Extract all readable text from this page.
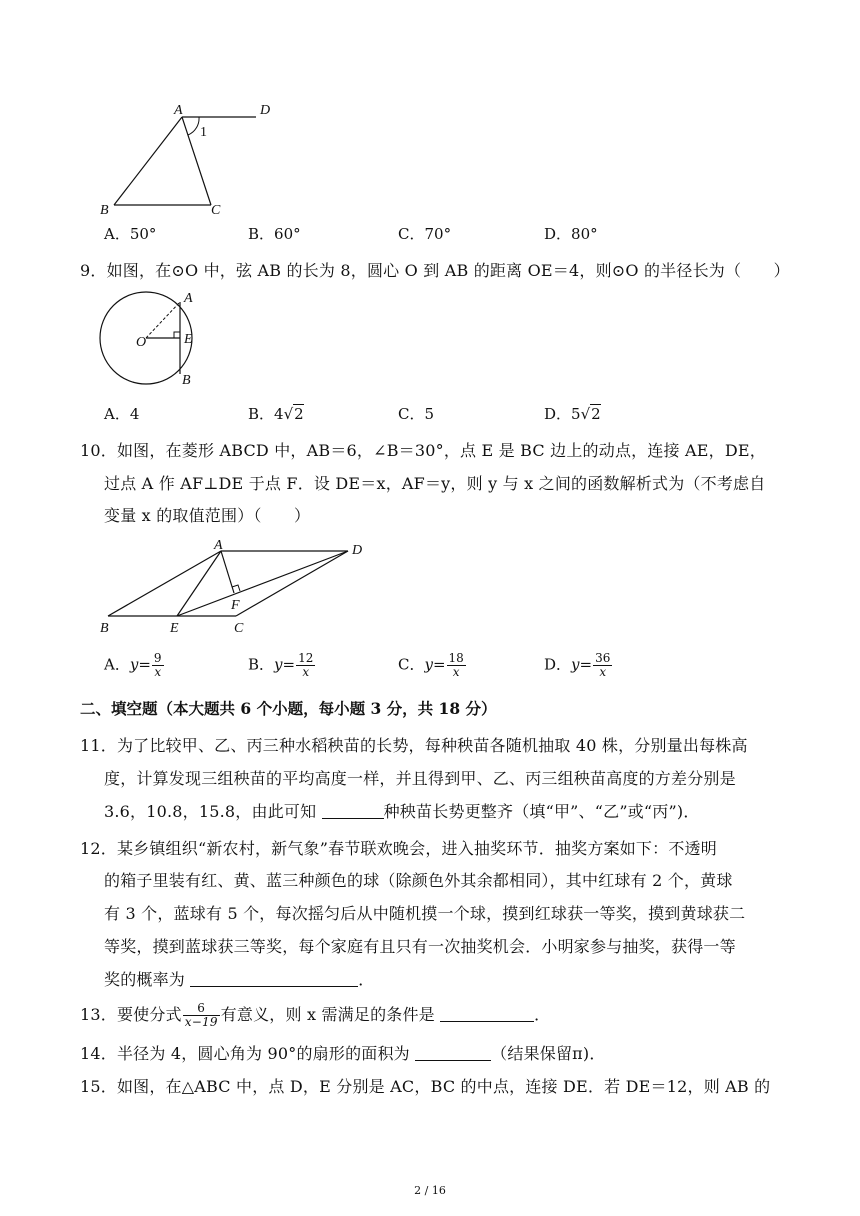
A	D
B	C
1
A．50°	B．60°	C．70°	D．80°
9．如图，在⊙O 中，弦 AB 的长为 8，圆心 O 到 AB 的距离 OE＝4，则⊙O 的半径长为（　　）
A
O	E
B
A．4	B．4√2	C．5	D．5√2
10．如图，在菱形 ABCD 中，AB＝6，∠B＝30°，点 E 是 BC 边上的动点，连接 AE，DE，
过点 A 作 AF⊥DE 于点 F．设 DE＝x，AF＝y，则 y 与 x 之间的函数解析式为（不考虑自
变量 x 的取值范围）（　　）
A	D
F
B	E	C
A．$y= \frac{9}{x}$	B．$y= \frac{12}{x}$	C．$y= \frac{18}{x}$	D．$y= \frac{36}{x}$
二、填空题（本大题共 6 个小题，每小题 3 分，共 18 分）
11．为了比较甲、乙、丙三种水稻秧苗的长势，每种秧苗各随机抽取 40 株，分别量出每株高
度，计算发现三组秧苗的平均高度一样，并且得到甲、乙、丙三组秧苗高度的方差分别是
3.6，10.8，15.8，由此可知	种秧苗长势更整齐（填“甲”、“乙”或“丙”)．
12．某乡镇组织“新农村，新气象”春节联欢晚会，进入抽奖环节．抽奖方案如下：不透明
的箱子里装有红、黄、蓝三种颜色的球（除颜色外其余都相同），其中红球有 2 个，黄球
有 3 个，蓝球有 5 个，每次摇匀后从中随机摸一个球，摸到红球获一等奖，摸到黄球获二
等奖，摸到蓝球获三等奖，每个家庭有且只有一次抽奖机会．小明家参与抽奖，获得一等
奖的概率为	．
13．要使分式 $\frac{6}{x-19}$ 有意义，则 x 需满足的条件是	．
14．半径为 4，圆心角为 90°的扇形的面积为	（结果保留π)．
15．如图，在△ABC 中，点 D，E 分别是 AC，BC 的中点，连接 DE．若 DE＝12，则 AB 的
2 / 16
